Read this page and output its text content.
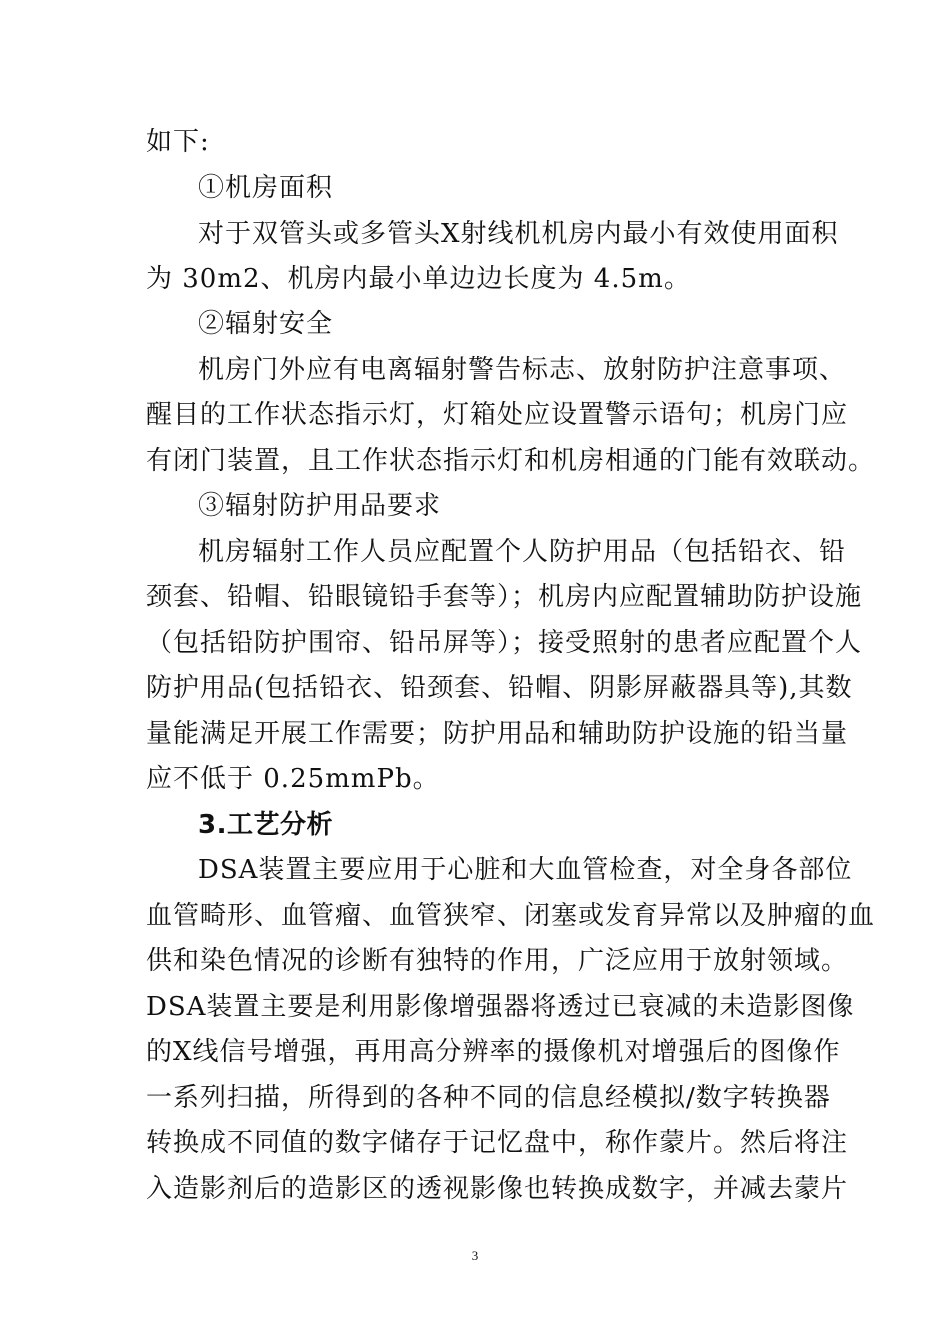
如下:
①机房面积
对于双管头或多管头X射线机机房内最小有效使用面积
为 30m2、机房内最小单边边长度为 4.5m。
②辐射安全
机房门外应有电离辐射警告标志、放射防护注意事项、
醒目的工作状态指示灯，灯箱处应设置警示语句；机房门应
有闭门装置，且工作状态指示灯和机房相通的门能有效联动。
③辐射防护用品要求
机房辐射工作人员应配置个人防护用品（包括铅衣、铅
颈套、铅帽、铅眼镜铅手套等）；机房内应配置辅助防护设施
（包括铅防护围帘、铅吊屏等）；接受照射的患者应配置个人
防护用品(包括铅衣、铅颈套、铅帽、阴影屏蔽器具等),其数
量能满足开展工作需要；防护用品和辅助防护设施的铅当量
应不低于 0.25mmPb。
3.工艺分析
DSA装置主要应用于心脏和大血管检查，对全身各部位
血管畸形、血管瘤、血管狭窄、闭塞或发育异常以及肿瘤的血
供和染色情况的诊断有独特的作用，广泛应用于放射领域。
DSA装置主要是利用影像增强器将透过已衰减的未造影图像
的X线信号增强，再用高分辨率的摄像机对增强后的图像作
一系列扫描，所得到的各种不同的信息经模拟/数字转换器
转换成不同值的数字储存于记忆盘中，称作蒙片。然后将注
入造影剂后的造影区的透视影像也转换成数字，并减去蒙片
3
